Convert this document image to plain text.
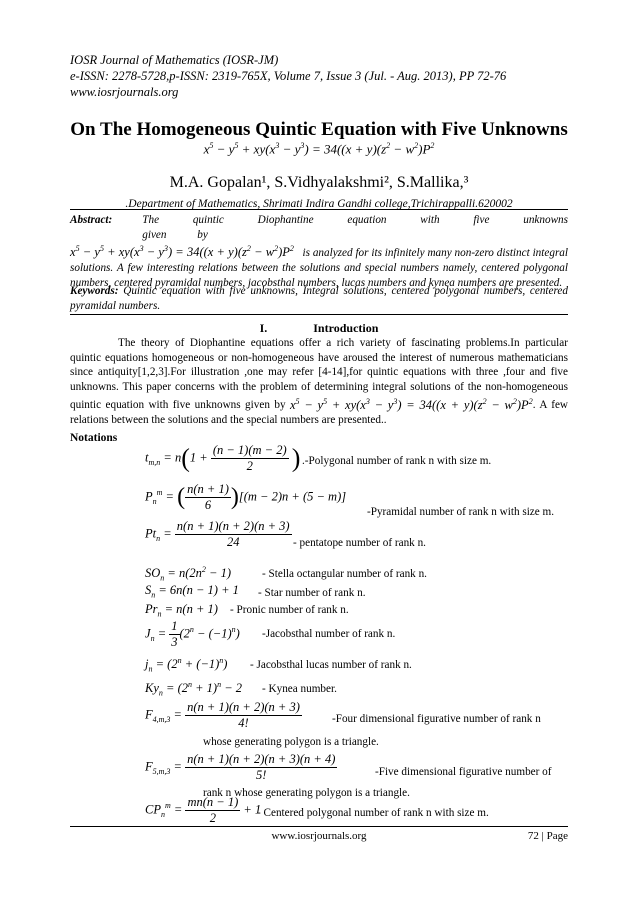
IOSR Journal of Mathematics (IOSR-JM)
e-ISSN: 2278-5728,p-ISSN: 2319-765X, Volume 7, Issue 3 (Jul. - Aug. 2013), PP 72-76
www.iosrjournals.org
On The Homogeneous Quintic Equation with Five Unknowns
$x^5 - y^5 + xy(x^3 - y^3) = 34((x + y)(z^2 - w^2)P^2$
M.A. Gopalan¹, S.Vidhyalakshmi², S.Mallika,³
.Department of Mathematics, Shrimati Indira Gandhi college,Trichirappalli.620002
Abstract:	The quintic Diophantine equation with five unknowns given by
$x^5 - y^5 + xy(x^3 - y^3) = 34((x + y)(z^2 - w^2)P^2$ is analyzed for its infinitely many non-zero distinct integral solutions. A few interesting relations between the solutions and special numbers namely, centered polygonal numbers, centered pyramidal numbers, jacobsthal numbers, lucas numbers and kynea numbers are presented.
Keywords: Quintic equation with five unknowns, Integral solutions, centered polygonal numbers, centered pyramidal numbers.
I.	Introduction
The theory of Diophantine equations offer a rich variety of fascinating problems.In particular quintic equations homogeneous or non-homogeneous have aroused the interest of numerous mathematicians since antiquity[1,2,3].For illustration ,one may refer [4-14],for quintic equations with three ,four and five unknowns. This paper concerns with the problem of determining integral solutions of the non-homogeneous quintic equation with five unknowns given by $x^5 - y^5 + xy(x^3 - y^3) = 34((x + y)(z^2 - w^2)P^2$. A few relations between the solutions and the special numbers are presented..
Notations
$t_{m,n} = n(1 + \frac{(n - 1)(m - 2)}{2}$ ) .-Polygonal number of rank n with size m.
$P_n^m$ = ( $\frac{n(n + 1)}{6} )[(m - 2)n + (5 - m)]$
-Pyramidal number of rank n with size m.
$Pt_n = \frac{n(n + 1)(n + 2)(n + 3)}{24}$ - pentatope number of rank n.
$SO_n = n(2n^2 - 1)$	- Stella octangular number of rank n.
$S_n = 6n(n - 1) + 1$ - Star number of rank n.
$Pr_n = n(n + 1)$ - Pronic number of rank n.
$J_n = \frac{1}{3} (2^n - (-1)^n)$ -Jacobsthal number of rank n.
$j_n = (2^n + (-1)^n)$ - Jacobsthal lucas number of rank n.
$Ky_n = (2^n + 1)^n - 2$ - Kynea number.
$F_{4,m,3} = \frac{n(n + 1)(n + 2)(n + 3)}{4!}$	-Four dimensional figurative number of rank n
whose generating polygon is a triangle.
$F_{5,m,3} = \frac{n(n + 1)(n + 2)(n + 3)(n + 4)}{5!}$	-Five dimensional figurative number of
rank n whose generating polygon is a triangle.
$CP_n^m = \frac{mn(n - 1)}{2} + 1$
- Centered polygonal number of rank n with size m.
www.iosrjournals.org	72 | Page
